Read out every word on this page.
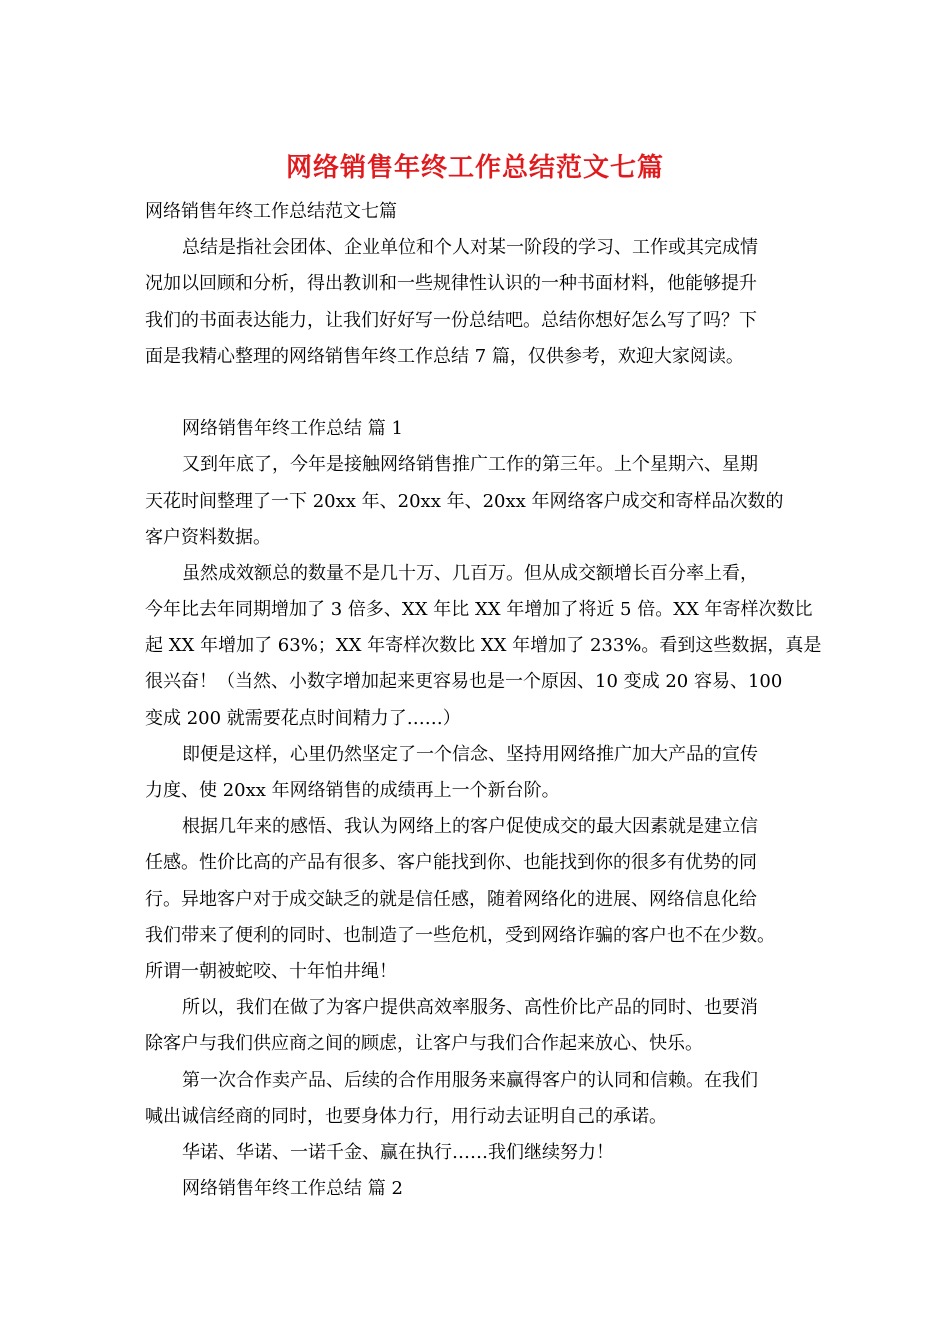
网络销售年终工作总结范文七篇

网络销售年终工作总结范文七篇

总结是指社会团体、企业单位和个人对某一阶段的学习、工作或其完成情

况加以回顾和分析，得出教训和一些规律性认识的一种书面材料，他能够提升

我们的书面表达能力，让我们好好写一份总结吧。总结你想好怎么写了吗？下

面是我精心整理的网络销售年终工作总结 7 篇，仅供参考，欢迎大家阅读。

网络销售年终工作总结 篇 1

又到年底了，今年是接触网络销售推广工作的第三年。上个星期六、星期

天花时间整理了一下 20xx 年、20xx 年、20xx 年网络客户成交和寄样品次数的

客户资料数据。

虽然成效额总的数量不是几十万、几百万。但从成交额增长百分率上看，

今年比去年同期增加了 3 倍多、XX 年比 XX 年增加了将近 5 倍。XX 年寄样次数比

起 XX 年增加了 63%；XX 年寄样次数比 XX 年增加了 233%。看到这些数据，真是

很兴奋！（当然、小数字增加起来更容易也是一个原因、10 变成 20 容易、100

变成 200 就需要花点时间精力了……）

即便是这样，心里仍然坚定了一个信念、坚持用网络推广加大产品的宣传

力度、使 20xx 年网络销售的成绩再上一个新台阶。

根据几年来的感悟、我认为网络上的客户促使成交的最大因素就是建立信

任感。性价比高的产品有很多、客户能找到你、也能找到你的很多有优势的同

行。异地客户对于成交缺乏的就是信任感，随着网络化的进展、网络信息化给

我们带来了便利的同时、也制造了一些危机，受到网络诈骗的客户也不在少数。

所谓一朝被蛇咬、十年怕井绳！

所以，我们在做了为客户提供高效率服务、高性价比产品的同时、也要消

除客户与我们供应商之间的顾虑，让客户与我们合作起来放心、快乐。

第一次合作卖产品、后续的合作用服务来赢得客户的认同和信赖。在我们

喊出诚信经商的同时，也要身体力行，用行动去证明自己的承诺。

华诺、华诺、一诺千金、赢在执行……我们继续努力！

网络销售年终工作总结 篇 2
